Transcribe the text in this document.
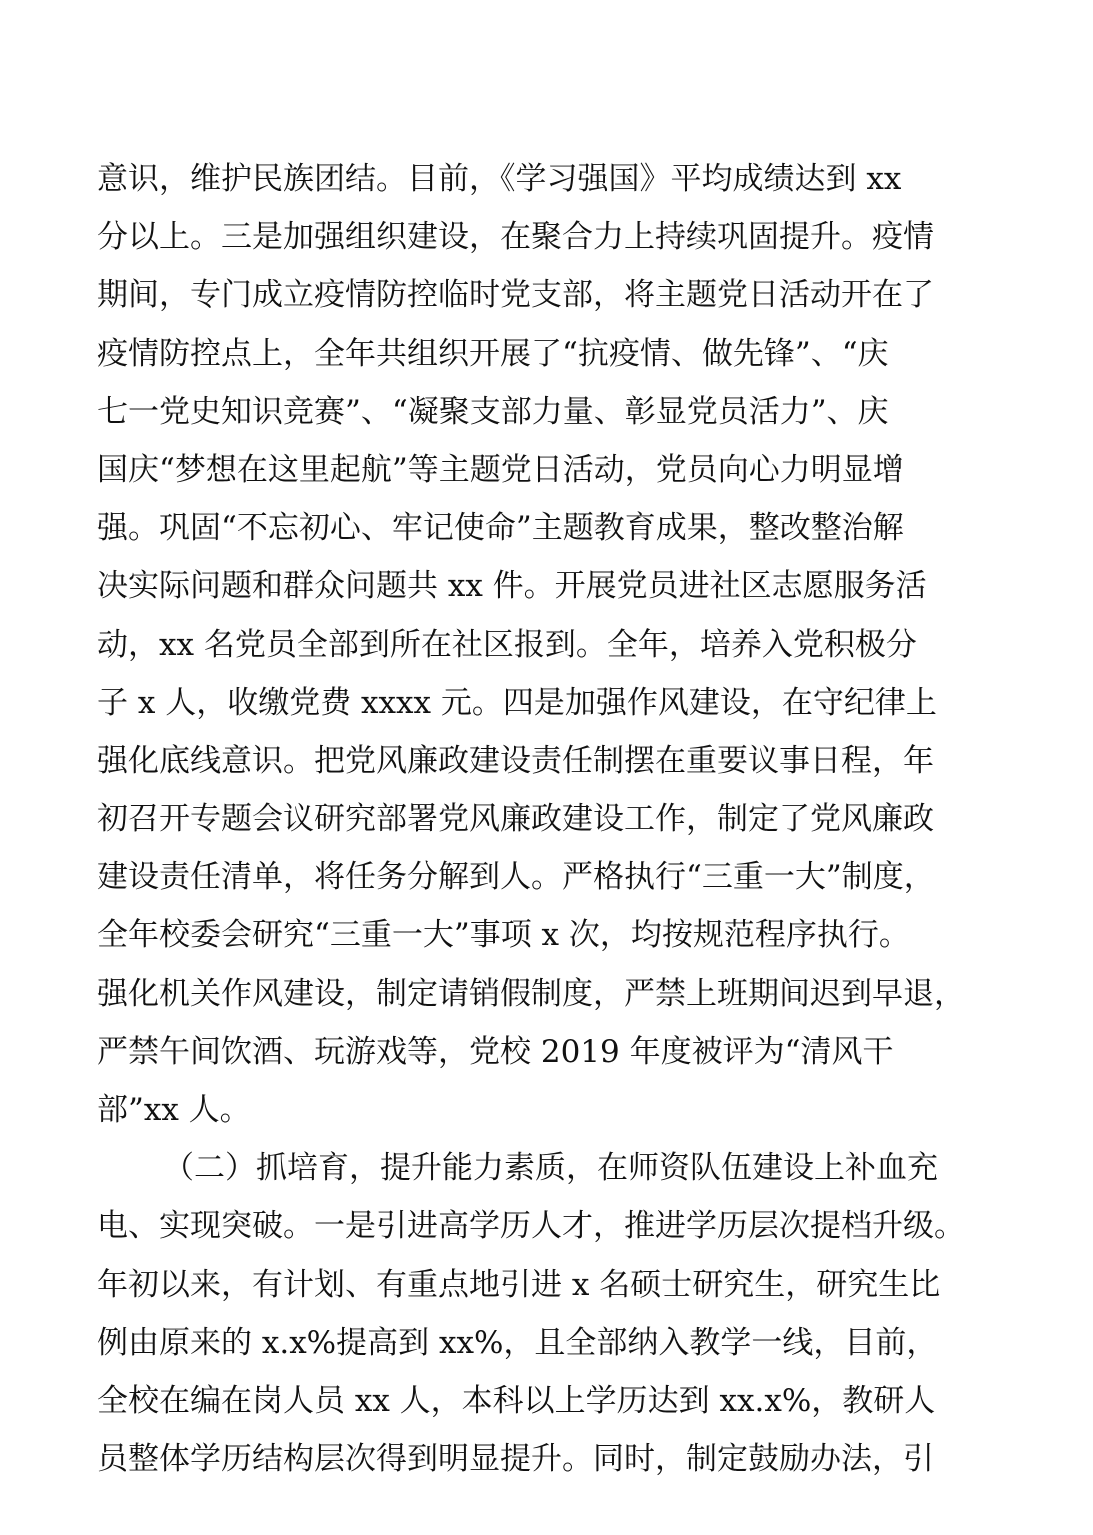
意识，维护民族团结。目前，《学习强国》平均成绩达到 xx
分以上。三是加强组织建设，在聚合力上持续巩固提升。疫情
期间，专门成立疫情防控临时党支部，将主题党日活动开在了
疫情防控点上，全年共组织开展了“抗疫情、做先锋”、“庆
七一党史知识竞赛”、“凝聚支部力量、彰显党员活力”、庆
国庆“梦想在这里起航”等主题党日活动，党员向心力明显增
强。巩固“不忘初心、牢记使命”主题教育成果，整改整治解
决实际问题和群众问题共 xx 件。开展党员进社区志愿服务活
动，xx 名党员全部到所在社区报到。全年，培养入党积极分
子 x 人，收缴党费 xxxx 元。四是加强作风建设，在守纪律上
强化底线意识。把党风廉政建设责任制摆在重要议事日程，年
初召开专题会议研究部署党风廉政建设工作，制定了党风廉政
建设责任清单，将任务分解到人。严格执行“三重一大”制度，
全年校委会研究“三重一大”事项 x 次，均按规范程序执行。
强化机关作风建设，制定请销假制度，严禁上班期间迟到早退，
严禁午间饮酒、玩游戏等，党校 2019 年度被评为“清风干
部”xx 人。
（二）抓培育，提升能力素质，在师资队伍建设上补血充
电、实现突破。一是引进高学历人才，推进学历层次提档升级。
年初以来，有计划、有重点地引进 x 名硕士研究生，研究生比
例由原来的 x.x%提高到 xx%，且全部纳入教学一线，目前，
全校在编在岗人员 xx 人，本科以上学历达到 xx.x%，教研人
员整体学历结构层次得到明显提升。同时，制定鼓励办法，引
